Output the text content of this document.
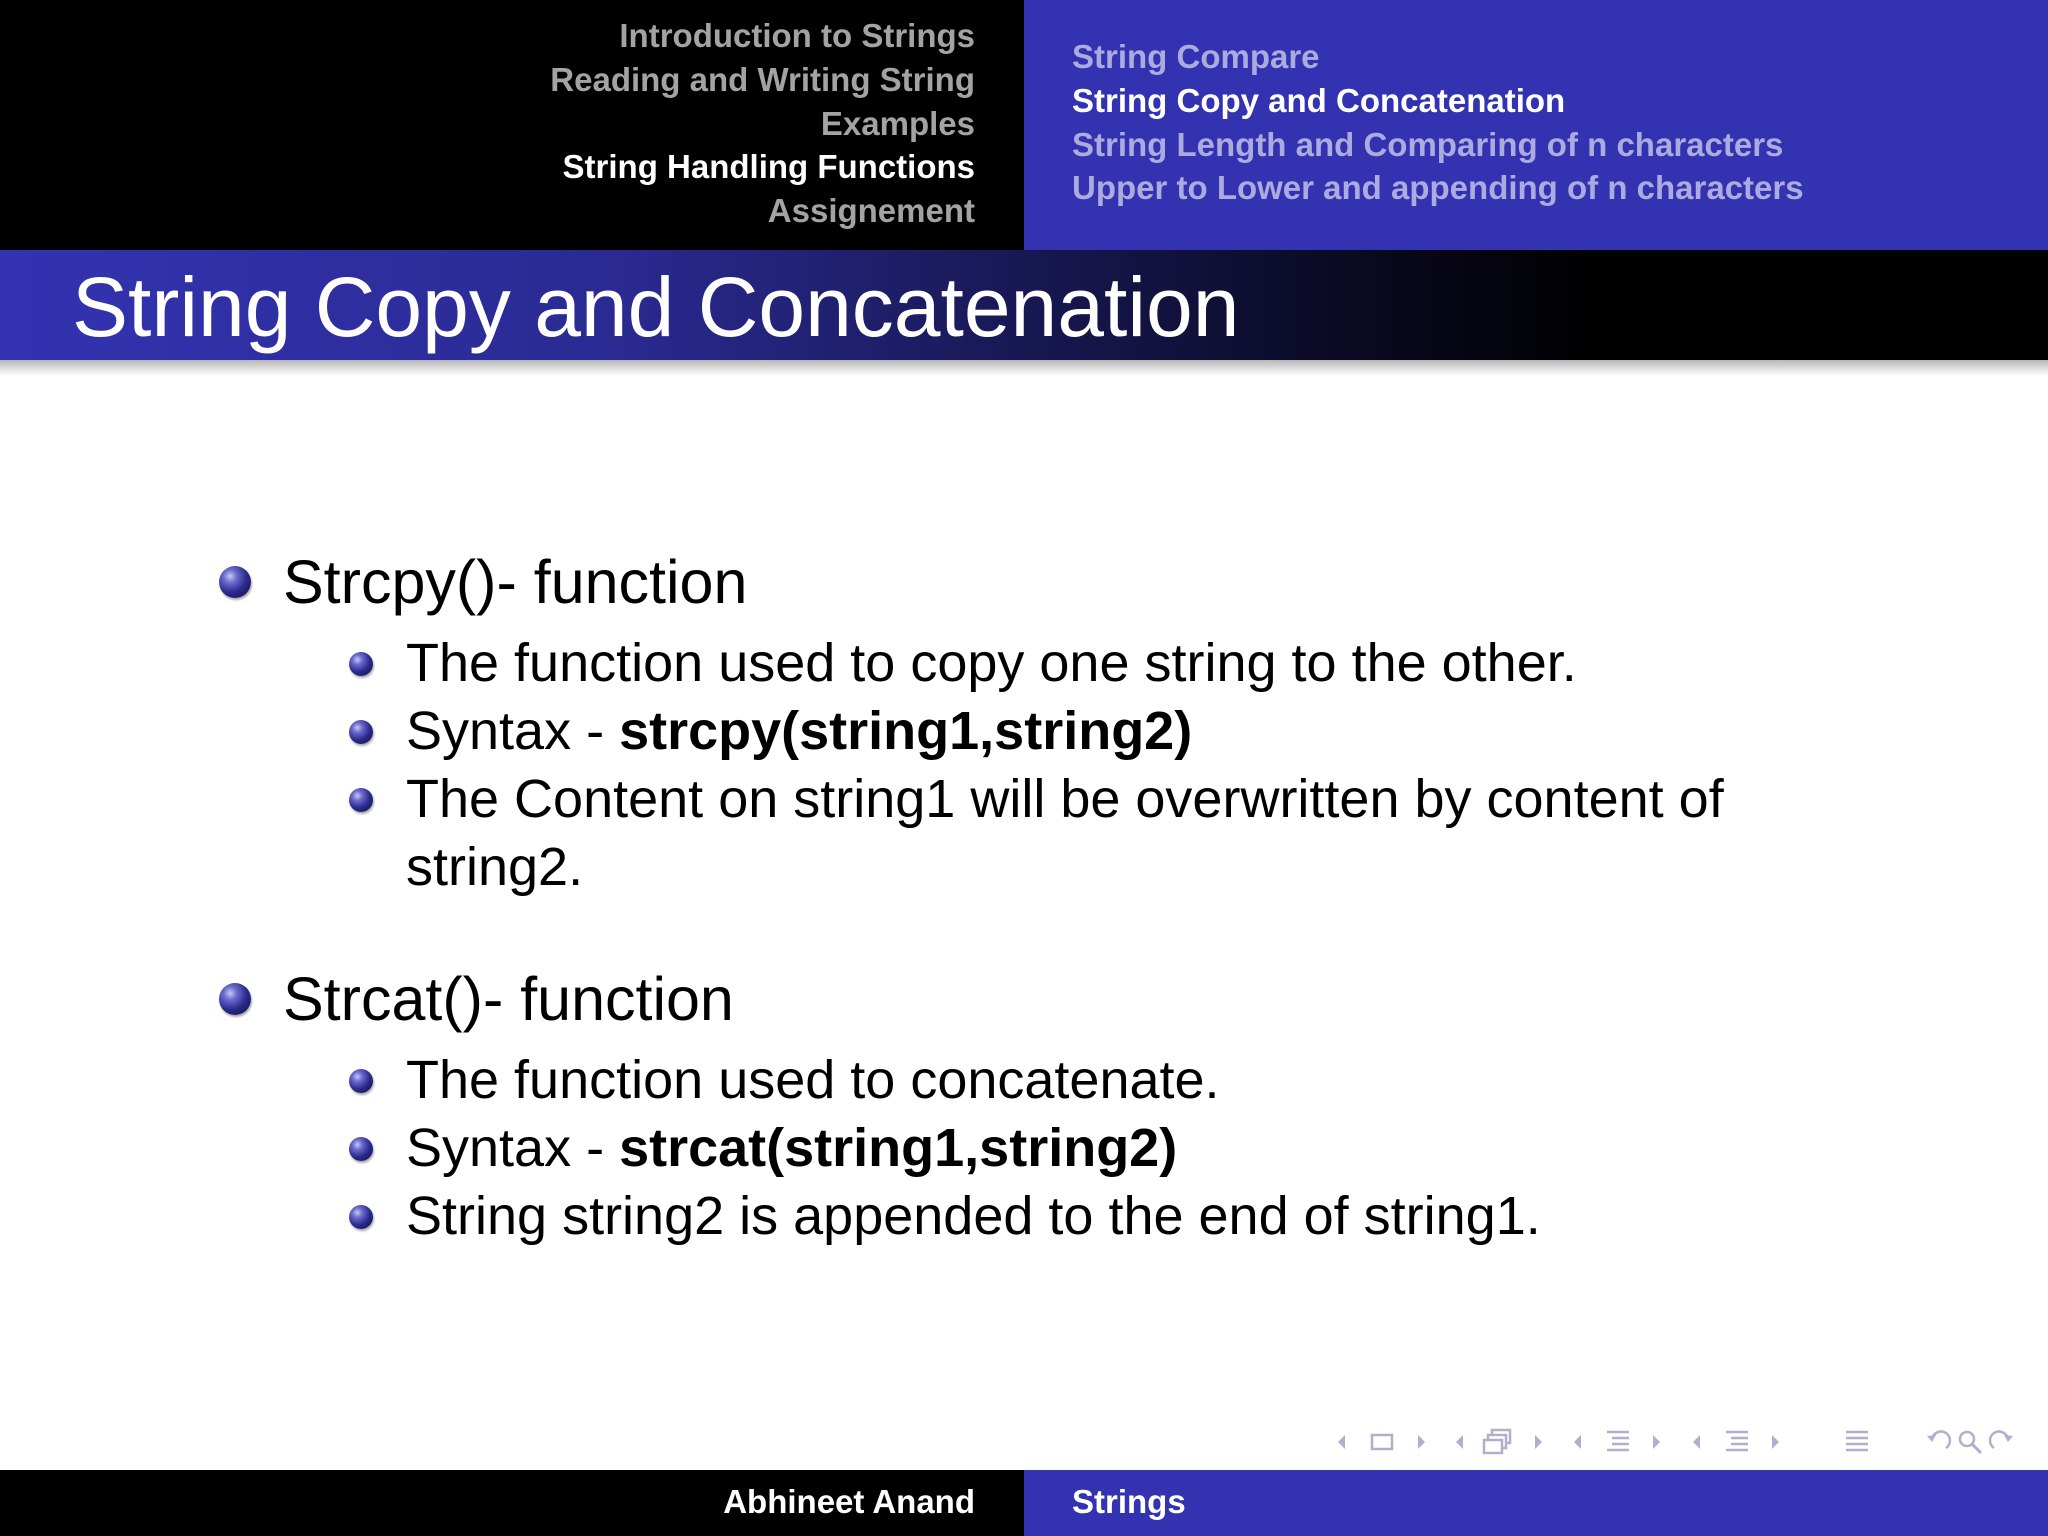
Introduction to Strings
Reading and Writing String
Examples
String Handling Functions
Assignement
String Compare
String Copy and Concatenation
String Length and Comparing of n characters
Upper to Lower and appending of n characters
String Copy and Concatenation
Strcpy()- function
The function used to copy one string to the other.
Syntax - strcpy(string1,string2)
The Content on string1 will be overwritten by content of string2.
Strcat()- function
The function used to concatenate.
Syntax - strcat(string1,string2)
String string2 is appended to the end of string1.
Abhineet Anand	Strings
